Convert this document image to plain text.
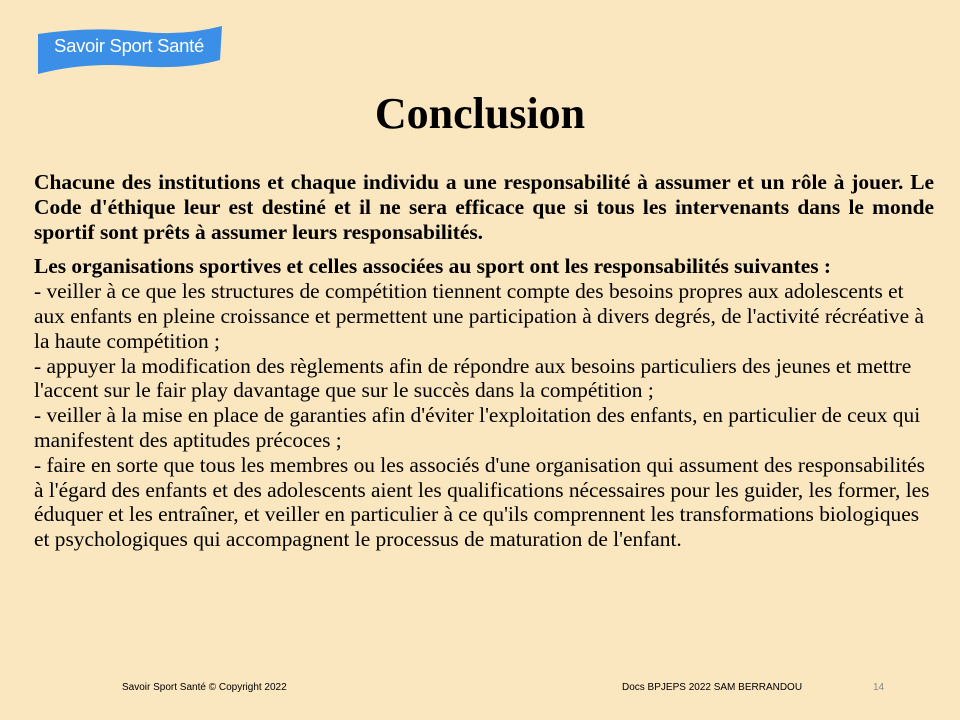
Savoir Sport Santé
Conclusion

Chacune des institutions et chaque individu a une responsabilité à assumer et un rôle à jouer. Le Code d'éthique leur est destiné et il ne sera efficace que si tous les intervenants dans le monde sportif sont prêts à assumer leurs responsabilités.

Les organisations sportives et celles associées au sport ont les responsabilités suivantes :

- veiller à ce que les structures de compétition tiennent compte des besoins propres aux adolescents et aux enfants en pleine croissance et permettent une participation à divers degrés, de l'activité récréative à la haute compétition ;

- appuyer la modification des règlements afin de répondre aux besoins particuliers des jeunes et mettre l'accent sur le fair play davantage que sur le succès dans la compétition ;

- veiller à la mise en place de garanties afin d'éviter l'exploitation des enfants, en particulier de ceux qui manifestent des aptitudes précoces ;

- faire en sorte que tous les membres ou les associés d'une organisation qui assument des responsabilités à l'égard des enfants et des adolescents aient les qualifications nécessaires pour les guider, les former, les éduquer et les entraîner, et veiller en particulier à ce qu'ils comprennent les transformations biologiques et psychologiques qui accompagnent le processus de maturation de l'enfant.

Savoir Sport Santé © Copyright 2022	Docs BPJEPS 2022 SAM BERRANDOU	14
